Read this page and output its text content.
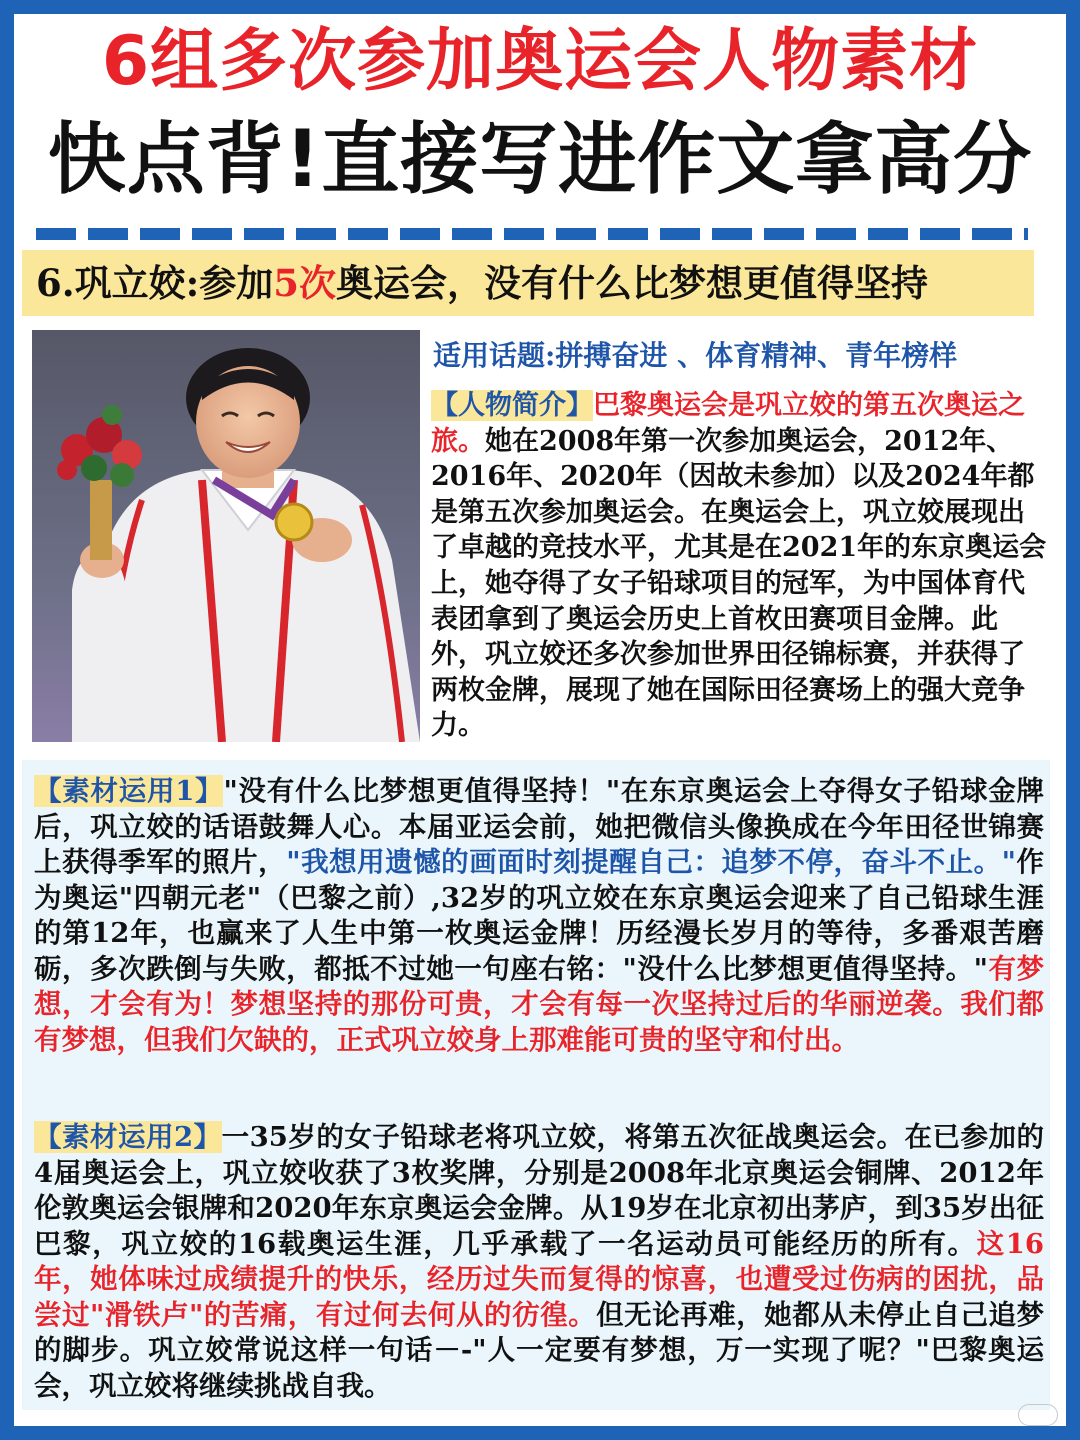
6组多次参加奥运会人物素材
快点背!直接写进作文拿高分
6.巩立姣:参加5次奥运会，没有什么比梦想更值得坚持
适用话题:拼搏奋进 、体育精神、青年榜样
【人物简介】巴黎奥运会是巩立姣的第五次奥运之旅。她在2008年第一次参加奥运会，2012年、2016年、2020年（因故未参加）以及2024年都是第五次参加奥运会。在奥运会上，巩立姣展现出了卓越的竞技水平，尤其是在2021年的东京奥运会上，她夺得了女子铅球项目的冠军，为中国体育代表团拿到了奥运会历史上首枚田赛项目金牌。此外，巩立姣还多次参加世界田径锦标赛，并获得了两枚金牌，展现了她在国际田径赛场上的强大竞争力。
【素材运用1】"没有什么比梦想更值得坚持！"在东京奥运会上夺得女子铅球金牌后，巩立姣的话语鼓舞人心。本届亚运会前，她把微信头像换成在今年田径世锦赛上获得季军的照片，"我想用遗憾的画面时刻提醒自己：追梦不停，奋斗不止。"作为奥运"四朝元老"（巴黎之前）,32岁的巩立姣在东京奥运会迎来了自己铅球生涯的第12年，也赢来了人生中第一枚奥运金牌！历经漫长岁月的等待，多番艰苦磨砺，多次跌倒与失败，都抵不过她一句座右铭："没什么比梦想更值得坚持。"有梦想，才会有为！梦想坚持的那份可贵，才会有每一次坚持过后的华丽逆袭。我们都有梦想，但我们欠缺的，正式巩立姣身上那难能可贵的坚守和付出。
【素材运用2】一35岁的女子铅球老将巩立姣，将第五次征战奥运会。在已参加的4届奥运会上，巩立姣收获了3枚奖牌，分别是2008年北京奥运会铜牌、2012年伦敦奥运会银牌和2020年东京奥运会金牌。从19岁在北京初出茅庐，到35岁出征巴黎，巩立姣的16载奥运生涯，几乎承载了一名运动员可能经历的所有。这16年，她体味过成绩提升的快乐，经历过失而复得的惊喜，也遭受过伤病的困扰，品尝过"滑铁卢"的苦痛，有过何去何从的彷徨。但无论再难，她都从未停止自己追梦的脚步。巩立姣常说这样一句话－-"人一定要有梦想，万一实现了呢？"巴黎奥运会，巩立姣将继续挑战自我。
